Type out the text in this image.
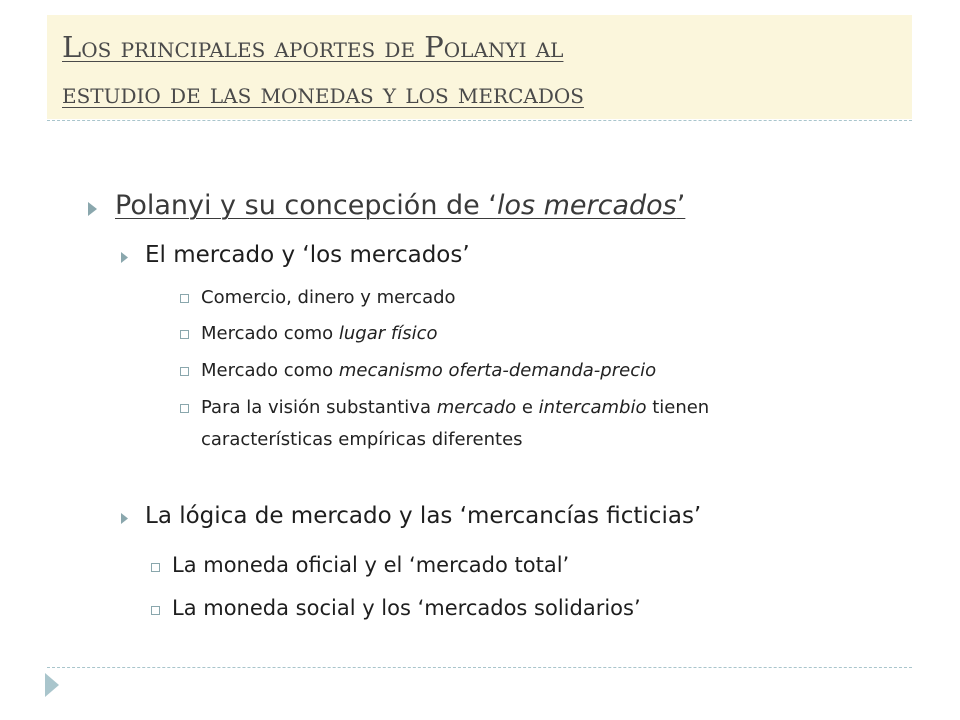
Los principales aportes de Polanyi al
estudio de las monedas y los mercados
Polanyi y su concepción de ‘los mercados’
El mercado y ‘los mercados’
Comercio, dinero y mercado
Mercado como lugar físico
Mercado como mecanismo oferta-demanda-precio
Para la visión substantiva mercado e intercambio tienen
características empíricas diferentes
La lógica de mercado y las ‘mercancías ficticias’
La moneda oficial y el ‘mercado total’
La moneda social y los ‘mercados solidarios’
